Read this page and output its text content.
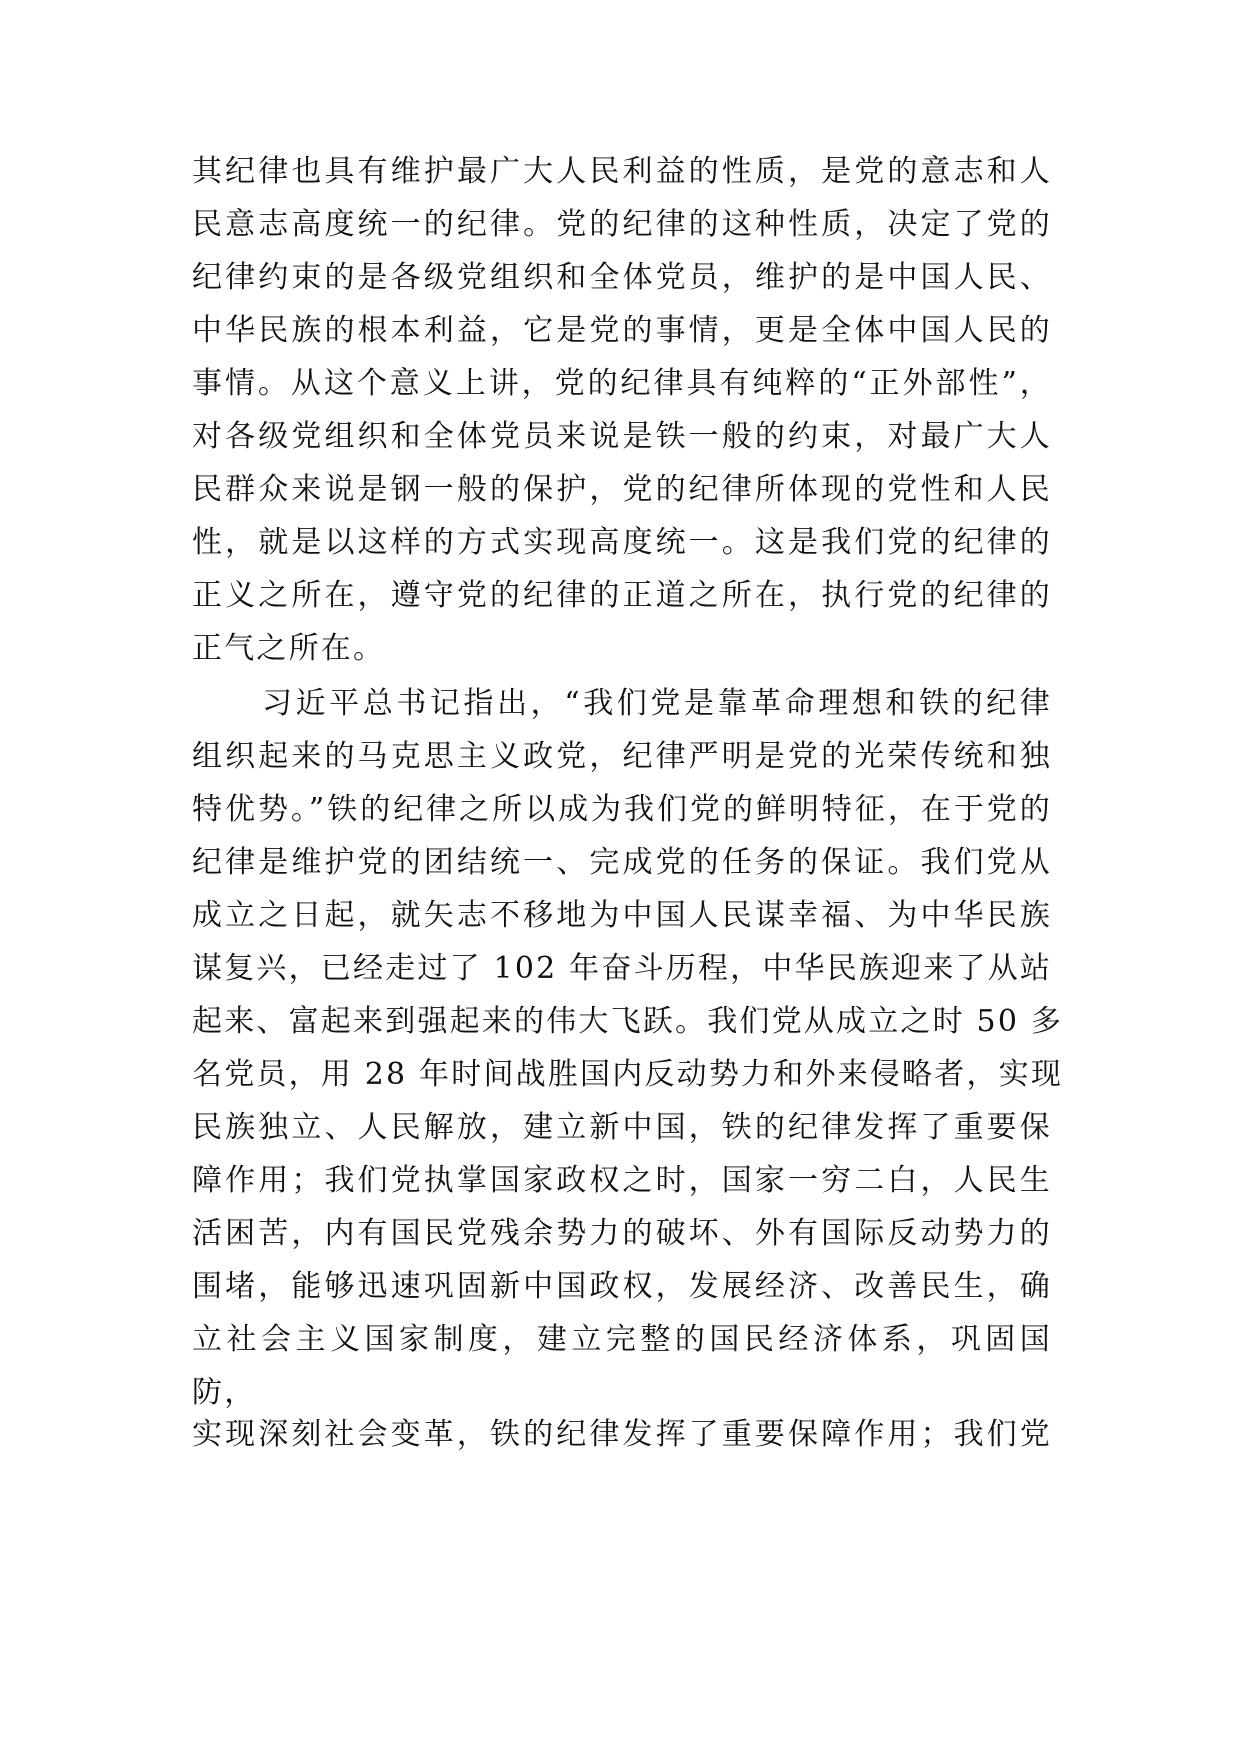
其纪律也具有维护最广大人民利益的性质，是党的意志和人
民意志高度统一的纪律。党的纪律的这种性质，决定了党的
纪律约束的是各级党组织和全体党员，维护的是中国人民、
中华民族的根本利益，它是党的事情，更是全体中国人民的
事情。从这个意义上讲，党的纪律具有纯粹的“正外部性”，
对各级党组织和全体党员来说是铁一般的约束，对最广大人
民群众来说是钢一般的保护，党的纪律所体现的党性和人民
性，就是以这样的方式实现高度统一。这是我们党的纪律的
正义之所在，遵守党的纪律的正道之所在，执行党的纪律的
正气之所在。
习近平总书记指出，“我们党是靠革命理想和铁的纪律
组织起来的马克思主义政党，纪律严明是党的光荣传统和独
特优势。”铁的纪律之所以成为我们党的鲜明特征，在于党的
纪律是维护党的团结统一、完成党的任务的保证。我们党从
成立之日起，就矢志不移地为中国人民谋幸福、为中华民族
谋复兴，已经走过了 102 年奋斗历程，中华民族迎来了从站
起来、富起来到强起来的伟大飞跃。我们党从成立之时 50 多
名党员，用 28 年时间战胜国内反动势力和外来侵略者，实现
民族独立、人民解放，建立新中国，铁的纪律发挥了重要保
障作用；我们党执掌国家政权之时，国家一穷二白，人民生
活困苦，内有国民党残余势力的破坏、外有国际反动势力的
围堵，能够迅速巩固新中国政权，发展经济、改善民生，确
立社会主义国家制度，建立完整的国民经济体系，巩固国
防，
实现深刻社会变革，铁的纪律发挥了重要保障作用；我们党
